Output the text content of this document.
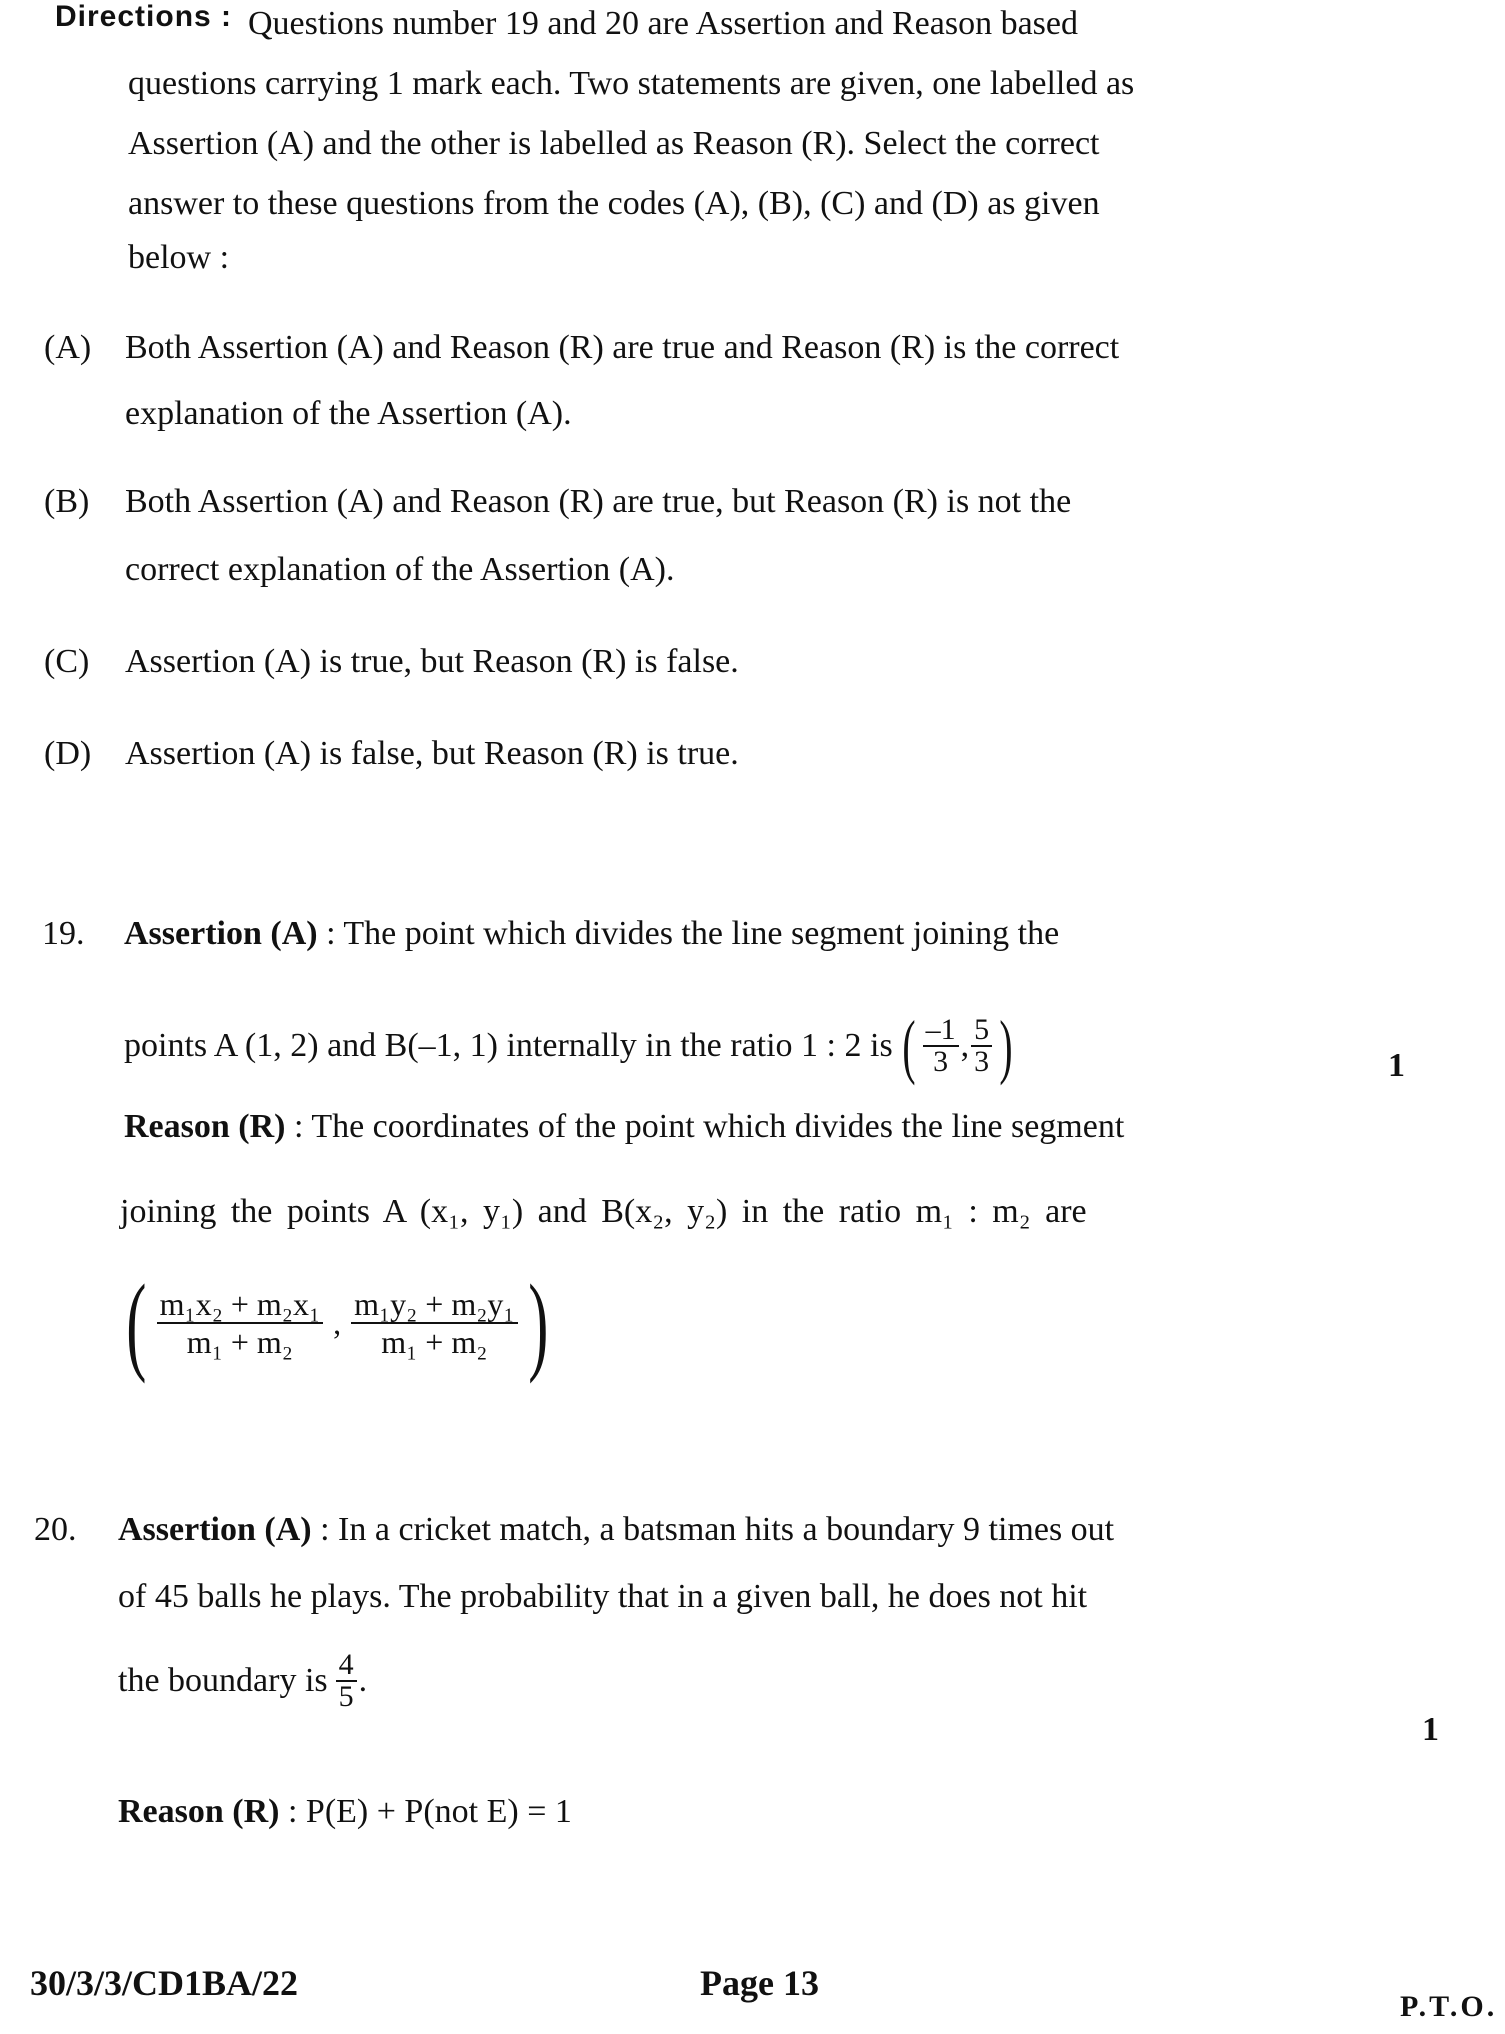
Directions : Questions number 19 and 20 are Assertion and Reason based
questions carrying 1 mark each. Two statements are given, one labelled as
Assertion (A) and the other is labelled as Reason (R). Select the correct
answer to these questions from the codes (A), (B), (C) and (D) as given
below :
(A) Both Assertion (A) and Reason (R) are true and Reason (R) is the correct
explanation of the Assertion (A).
(B) Both Assertion (A) and Reason (R) are true, but Reason (R) is not the
correct explanation of the Assertion (A).
(C) Assertion (A) is true, but Reason (R) is false.
(D) Assertion (A) is false, but Reason (R) is true.
19. Assertion (A) : The point which divides the line segment joining the
points A (1, 2) and B(–1, 1) internally in the ratio 1 : 2 is ( $\frac{-1}{3}$ , $\frac{5}{3}$ )	1
Reason (R) : The coordinates of the point which divides the line segment
joining the points A (x₁, y₁) and B(x₂, y₂) in the ratio m₁ : m₂ are
( $\frac{\text{m₁x₂ + m₂x₁}}{\text{m₁ + m₂}}$ , $\frac{\text{m₁y₂ + m₂y₁}}{\text{m₁ + m₂}}$ )
20. Assertion (A) : In a cricket match, a batsman hits a boundary 9 times out
of 45 balls he plays. The probability that in a given ball, he does not hit
the boundary is $\frac{4}{5}$ .
1
Reason (R) : P(E) + P(not E) = 1
30/3/3/CD1BA/22	Page 13
P.T.O.
